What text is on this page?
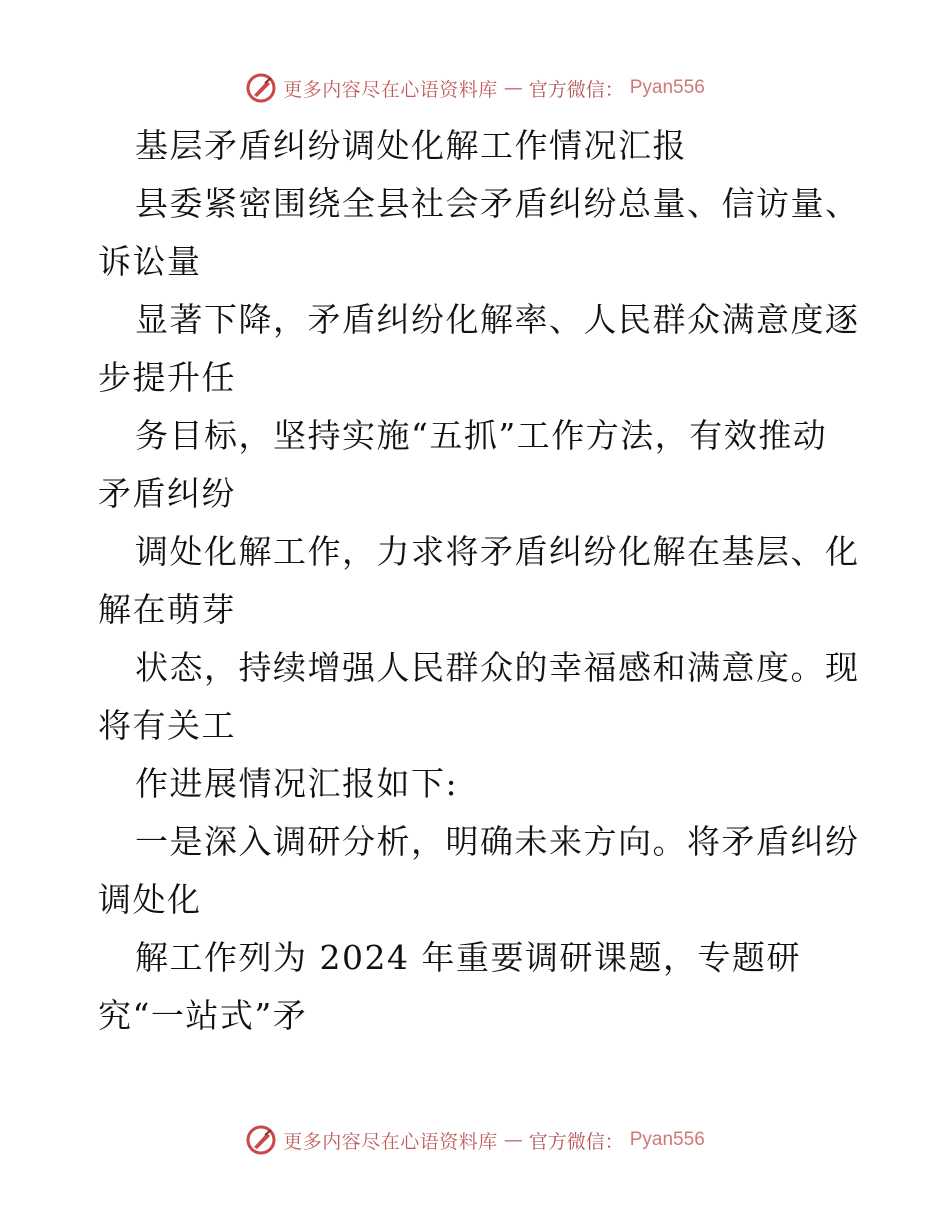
更多内容尽在心语资料库 — 官方微信： Pyan556
基层矛盾纠纷调处化解工作情况汇报
县委紧密围绕全县社会矛盾纠纷总量、信访量、
诉讼量
显著下降，矛盾纠纷化解率、人民群众满意度逐
步提升任
务目标，坚持实施“五抓”工作方法，有效推动
矛盾纠纷
调处化解工作，力求将矛盾纠纷化解在基层、化
解在萌芽
状态，持续增强人民群众的幸福感和满意度。现
将有关工
作进展情况汇报如下:
一是深入调研分析，明确未来方向。将矛盾纠纷
调处化
解工作列为 2024 年重要调研课题，专题研
究“一站式”矛
更多内容尽在心语资料库 — 官方微信： Pyan556
